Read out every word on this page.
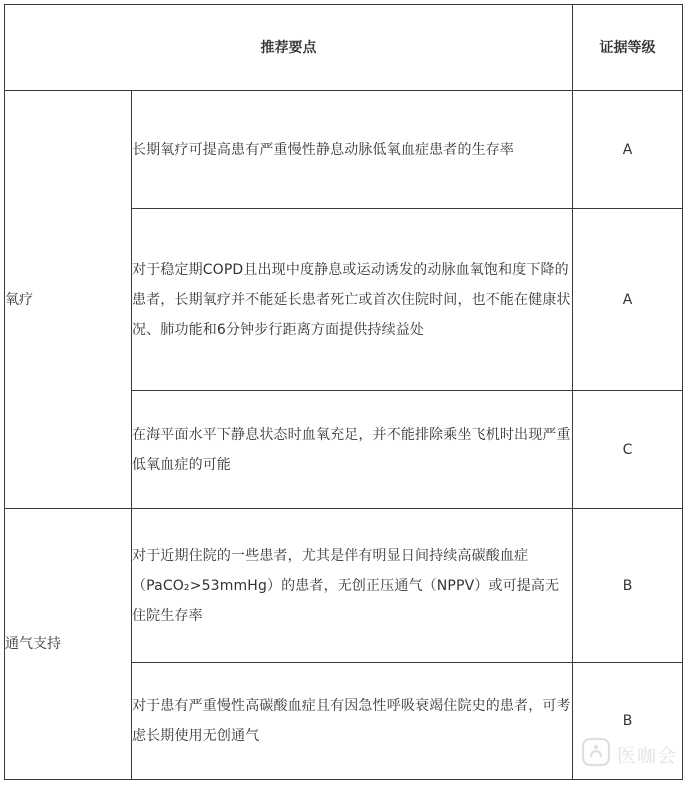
推荐要点		证据等级
氧疗	长期氧疗可提高患有严重慢性静息动脉低氧血症患者的生存率	A
	对于稳定期COPD且出现中度静息或运动诱发的动脉血氧饱和度下降的患者，长期氧疗并不能延长患者死亡或首次住院时间，也不能在健康状况、肺功能和6分钟步行距离方面提供持续益处	A
	在海平面水平下静息状态时血氧充足，并不能排除乘坐飞机时出现严重低氧血症的可能	C
通气支持	对于近期住院的一些患者，尤其是伴有明显日间持续高碳酸血症（PaCO₂>53mmHg）的患者，无创正压通气（NPPV）或可提高无住院生存率	B
	对于患有严重慢性高碳酸血症且有因急性呼吸衰竭住院史的患者，可考虑长期使用无创通气	B
医咖会
